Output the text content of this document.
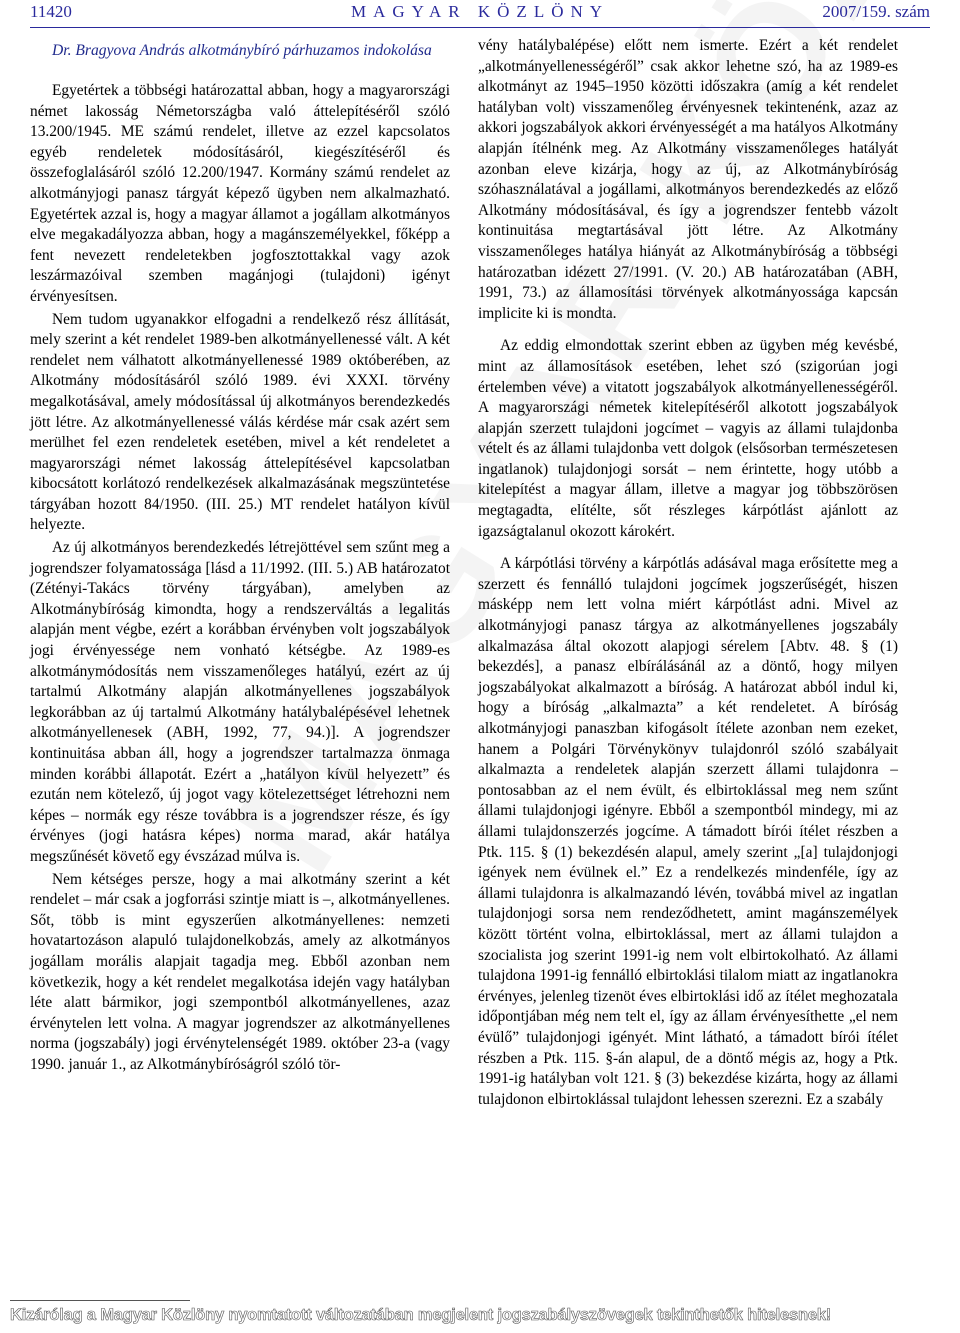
11420	MAGYAR KÖZLÖNY	2007/159. szám
Dr. Bragyova András alkotmánybíró párhuzamos indokolása

Egyetértek a többségi határozattal abban, hogy a magyarországi német lakosság Németországba való áttelepítéséről szóló 13.200/1945. ME számú rendelet, illetve az ezzel kapcsolatos egyéb rendeletek módosításáról, kiegészítéséről és összefoglalásáról szóló 12.200/1947. Kormány számú rendelet az alkotmányjogi panasz tárgyát képező ügyben nem alkalmazható. Egyetértek azzal is, hogy a magyar államot a jogállam alkotmányos elve megakadályozza abban, hogy a magánszemélyekkel, főképp a fent nevezett rendeletekben jogfosztottakkal vagy azok leszármazóival szemben magánjogi (tulajdoni) igényt érvényesítsen.

Nem tudom ugyanakkor elfogadni a rendelkező rész állítását, mely szerint a két rendelet 1989-ben alkotmányellenessé vált. A két rendelet nem válhatott alkotmányellenessé 1989 októberében, az Alkotmány módosításáról szóló 1989. évi XXXI. törvény megalkotásával, amely módosítással új alkotmányos berendezkedés jött létre. Az alkotmányellenessé válás kérdése már csak azért sem merülhet fel ezen rendeletek esetében, mivel a két rendeletet a magyarországi német lakosság áttelepítésével kapcsolatban kibocsátott korlátozó rendelkezések alkalmazásának megszüntetése tárgyában hozott 84/1950. (III. 25.) MT rendelet hatályon kívül helyezte.

Az új alkotmányos berendezkedés létrejöttével sem szűnt meg a jogrendszer folyamatossága [lásd a 11/1992. (III. 5.) AB határozatot (Zétényi-Takács törvény tárgyában), amelyben az Alkotmánybíróság kimondta, hogy a rendszerváltás a legalitás alapján ment végbe, ezért a korábban érvényben volt jogszabályok jogi érvényessége nem vonható kétségbe. Az 1989-es alkotmánymódosítás nem visszamenőleges hatályú, ezért az új tartalmú Alkotmány alapján alkotmányellenes jogszabályok legkorábban az új tartalmú Alkotmány hatálybalépésével lehetnek alkotmányellenesek (ABH, 1992, 77, 94.)]. A jogrendszer kontinuitása abban áll, hogy a jogrendszer tartalmazza önmaga minden korábbi állapotát. Ezért a „hatályon kívül helyezett” és ezután nem kötelező, új jogot vagy kötelezettséget létrehozni nem képes – normák egy része továbbra is a jogrendszer része, és így érvényes (jogi hatásra képes) norma marad, akár hatálya megszűnését követő egy évszázad múlva is.

Nem kétséges persze, hogy a mai alkotmány szerint a két rendelet – már csak a jogforrási szintje miatt is –, alkotmányellenes. Sőt, több is mint egyszerűen alkotmányellenes: nemzeti hovatartozáson alapuló tulajdonelkobzás, amely az alkotmányos jogállam morális alapjait tagadja meg. Ebből azonban nem következik, hogy a két rendelet megalkotása idején vagy hatályban léte alatt bármikor, jogi szempontból alkotmányellenes, azaz érvénytelen lett volna. A magyar jogrendszer az alkotmányellenes norma (jogszabály) jogi érvénytelenségét 1989. október 23-a (vagy 1990. január 1., az Alkotmánybíróságról szóló tör-

vény hatálybalépése) előtt nem ismerte. Ezért a két rendelet „alkotmányellenességéről” csak akkor lehetne szó, ha az 1989-es alkotmányt az 1945–1950 közötti időszakra (amíg a két rendelet hatályban volt) visszamenőleg érvényesnek tekintenénk, azaz az akkori jogszabályok akkori érvényességét a ma hatályos Alkotmány alapján ítélnénk meg. Az Alkotmány visszamenőleges hatályát azonban eleve kizárja, hogy az új, az Alkotmánybíróság szóhasználatával a jogállami, alkotmányos berendezkedés az előző Alkotmány módosításával, és így a jogrendszer fentebb vázolt kontinuitása megtartásával jött létre. Az Alkotmány visszamenőleges hatálya hiányát az Alkotmánybíróság a többségi határozatban idézett 27/1991. (V. 20.) AB határozatában (ABH, 1991, 73.) az államosítási törvények alkotmányossága kapcsán implicite ki is mondta.

Az eddig elmondottak szerint ebben az ügyben még kevésbé, mint az államosítások esetében, lehet szó (szigorúan jogi értelemben véve) a vitatott jogszabályok alkotmányellenességéről. A magyarországi németek kitelepítéséről alkotott jogszabályok alapján szerzett tulajdoni jogcímet – vagyis az állami tulajdonba vételt és az állami tulajdonba vett dolgok (elsősorban természetesen ingatlanok) tulajdonjogi sorsát – nem érintette, hogy utóbb a kitelepítést a magyar állam, illetve a magyar jog többszörösen megtagadta, elítélte, sőt részleges kárpótlást ajánlott az igazságtalanul okozott károkért.

A kárpótlási törvény a kárpótlás adásával maga erősítette meg a szerzett és fennálló tulajdoni jogcímek jogszerűségét, hiszen másképp nem lett volna miért kárpótlást adni. Mivel az alkotmányjogi panasz tárgya az alkotmányellenes jogszabály alkalmazása által okozott alapjogi sérelem [Abtv. 48. § (1) bekezdés], a panasz elbírálásánál az a döntő, hogy milyen jogszabályokat alkalmazott a bíróság. A határozat abból indul ki, hogy a bíróság „alkalmazta” a két rendeletet. A bíróság alkotmányjogi panaszban kifogásolt ítélete azonban nem ezeket, hanem a Polgári Törvénykönyv tulajdonról szóló szabályait alkalmazta a rendeletek alapján szerzett állami tulajdonra – pontosabban az el nem évült, és elbirtoklással meg nem szűnt állami tulajdonjogi igényre. Ebből a szempontból mindegy, mi az állami tulajdonszerzés jogcíme. A támadott bírói ítélet részben a Ptk. 115. § (1) bekezdésén alapul, amely szerint „[a] tulajdonjogi igények nem évülnek el.” Ez a rendelkezés mindenféle, így az állami tulajdonra is alkalmazandó lévén, továbbá mivel az ingatlan tulajdonjogi sorsa nem rendeződhetett, amint magánszemélyek között történt volna, elbirtoklással, mert az állami tulajdon a szocialista jog szerint 1991-ig nem volt elbirtokolható. Az állami tulajdona 1991-ig fennálló elbirtoklási tilalom miatt az ingatlanokra érvényes, jelenleg tizenöt éves elbirtoklási idő az ítélet meghozatala időpontjában még nem telt el, így az állam érvényesíthette „el nem évülő” tulajdonjogi igényét. Mint látható, a támadott bírói ítélet részben a Ptk. 115. §-án alapul, de a döntő mégis az, hogy a Ptk. 1991-ig hatályban volt 121. § (3) bekezdése kizárta, hogy az állami tulajdonon elbirtoklással tulajdont lehessen szerezni. Ez a szabály

Kizárólag a Magyar Közlöny nyomtatott változatában megjelent jogszabályszövegek tekinthetők hitelesnek!
